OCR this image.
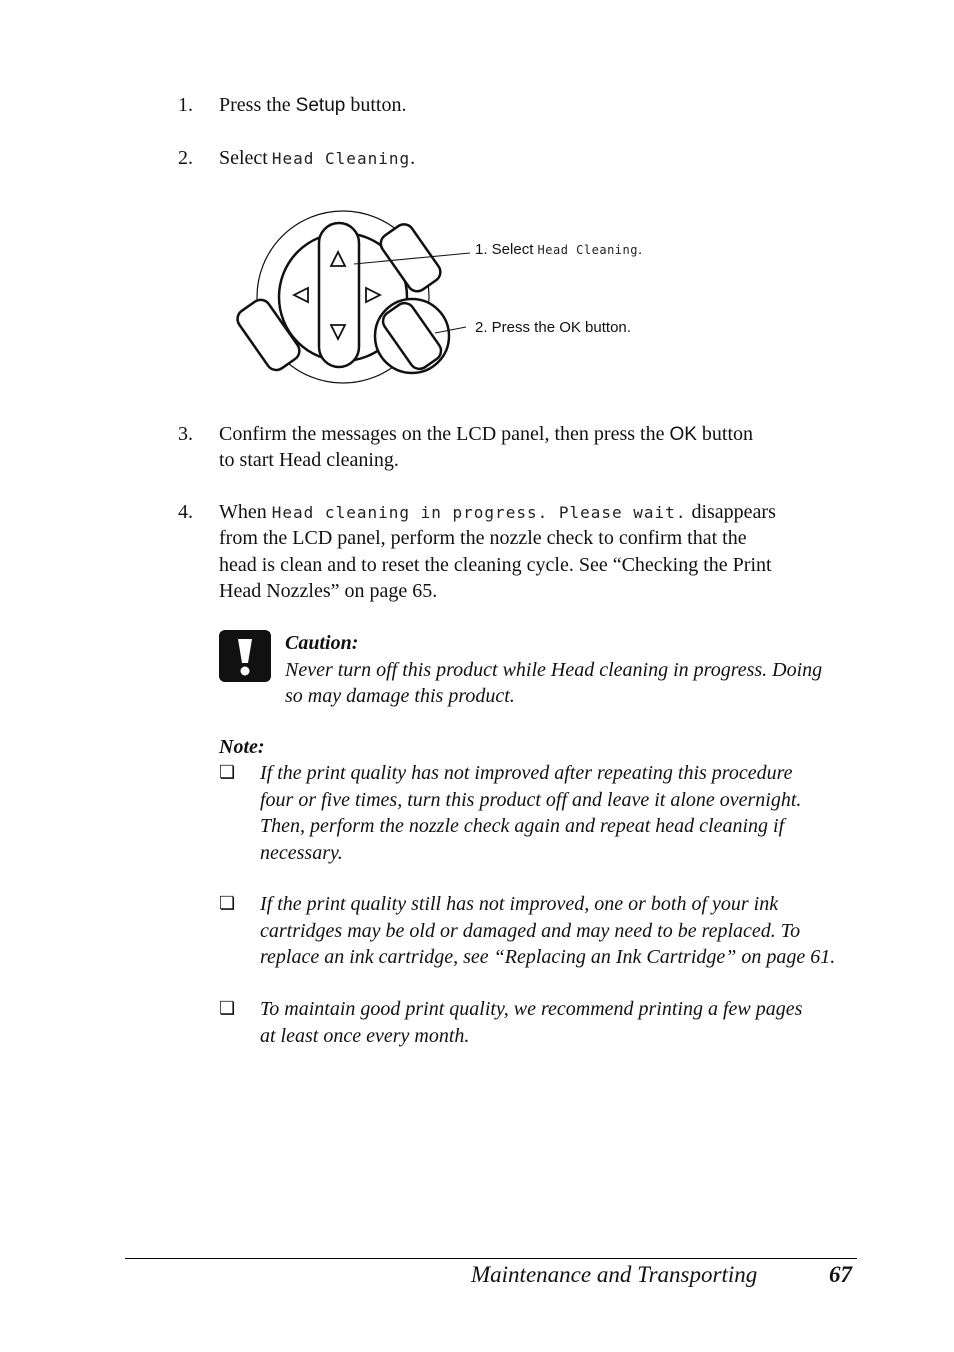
1.	Press the Setup button.
2.	Select Head Cleaning.
1. Select Head Cleaning.
2. Press the OK button.
3.	Confirm the messages on the LCD panel, then press the OK button
to start Head cleaning.
4.	When Head cleaning in progress. Please wait. disappears
from the LCD panel, perform the nozzle check to confirm that the
head is clean and to reset the cleaning cycle. See “Checking the Print
Head Nozzles” on page 65.
Caution:
Never turn off this product while Head cleaning in progress. Doing
so may damage this product.
Note:
❏ If the print quality has not improved after repeating this procedure
four or five times, turn this product off and leave it alone overnight.
Then, perform the nozzle check again and repeat head cleaning if
necessary.
❏ If the print quality still has not improved, one or both of your ink
cartridges may be old or damaged and may need to be replaced. To
replace an ink cartridge, see “Replacing an Ink Cartridge” on page 61.
❏ To maintain good print quality, we recommend printing a few pages
at least once every month.
Maintenance and Transporting	67
